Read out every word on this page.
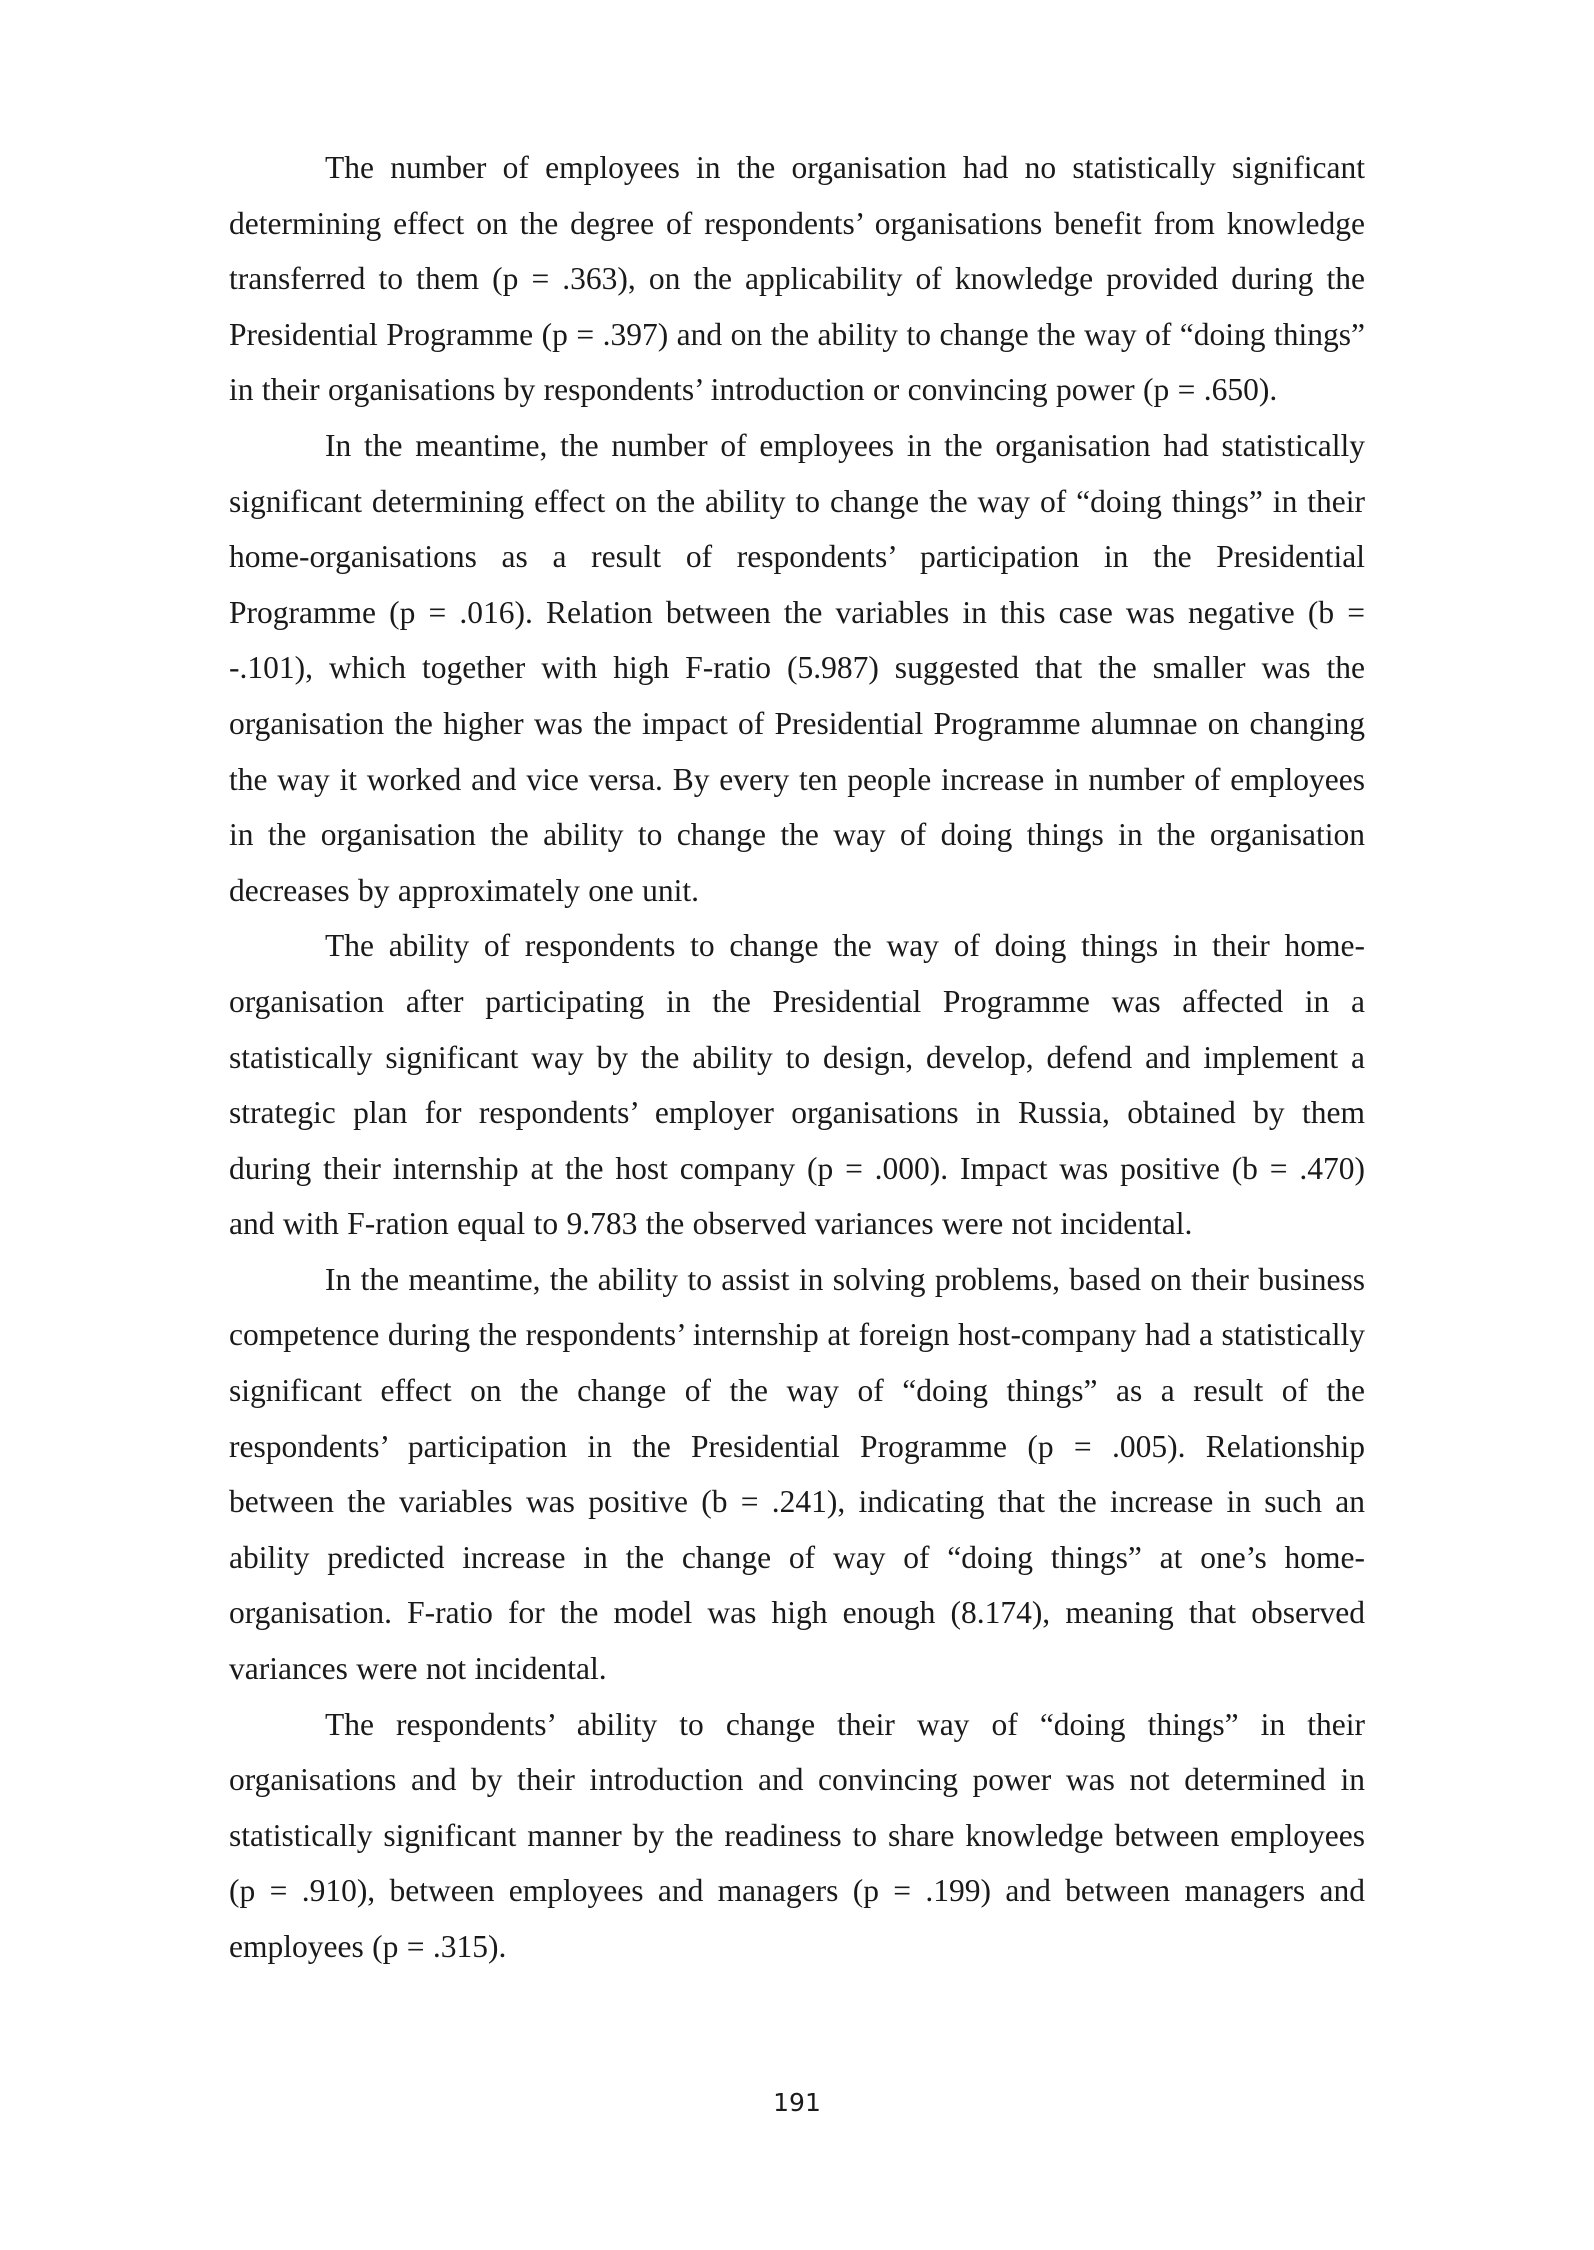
The number of employees in the organisation had no statistically significant determining effect on the degree of respondents’ organisations benefit from knowledge transferred to them (p = .363), on the applicability of knowledge provided during the Presidential Programme (p = .397) and on the ability to change the way of “doing things” in their organisations by respondents’ introduction or convincing power (p = .650).

In the meantime, the number of employees in the organisation had statistically significant determining effect on the ability to change the way of “doing things” in their home-organisations as a result of respondents’ participation in the Presidential Programme (p = .016). Relation between the variables in this case was negative (b = -.101), which together with high F-ratio (5.987) suggested that the smaller was the organisation the higher was the impact of Presidential Programme alumnae on changing the way it worked and vice versa. By every ten people increase in number of employees in the organisation the ability to change the way of doing things in the organisation decreases by approximately one unit.

The ability of respondents to change the way of doing things in their home-organisation after participating in the Presidential Programme was affected in a statistically significant way by the ability to design, develop, defend and implement a strategic plan for respondents’ employer organisations in Russia, obtained by them during their internship at the host company (p = .000). Impact was positive (b = .470) and with F-ration equal to 9.783 the observed variances were not incidental.

In the meantime, the ability to assist in solving problems, based on their business competence during the respondents’ internship at foreign host-company had a statistically significant effect on the change of the way of “doing things” as a result of the respondents’ participation in the Presidential Programme (p = .005). Relationship between the variables was positive (b = .241), indicating that the increase in such an ability predicted increase in the change of way of “doing things” at one’s home-organisation. F-ratio for the model was high enough (8.174), meaning that observed variances were not incidental.

The respondents’ ability to change their way of “doing things” in their organisations and by their introduction and convincing power was not determined in statistically significant manner by the readiness to share knowledge between employees (p = .910), between employees and managers (p = .199) and between managers and employees (p = .315).

191
